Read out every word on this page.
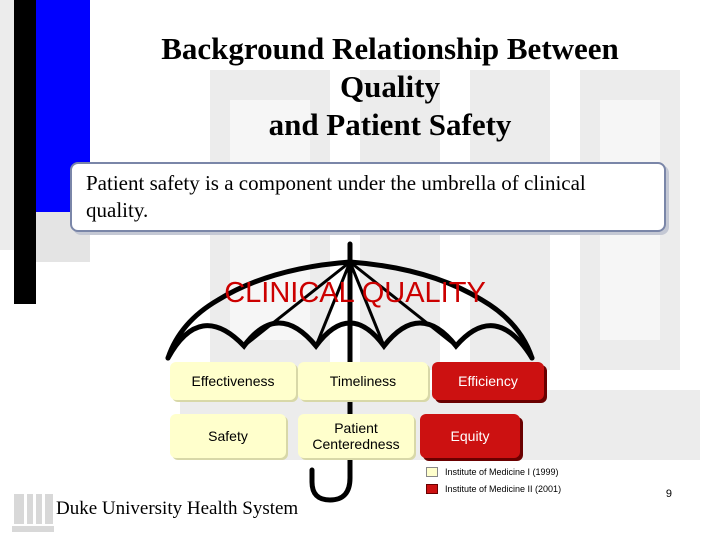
Background Relationship Between
Quality
and Patient Safety
Patient safety is a component under the umbrella of clinical quality.
CLINICAL QUALITY
Effectiveness	Timeliness	Efficiency
Safety
Patient Centeredness
Equity
Institute of Medicine I (1999)
Institute of Medicine II (2001)
Duke University Health System
9
